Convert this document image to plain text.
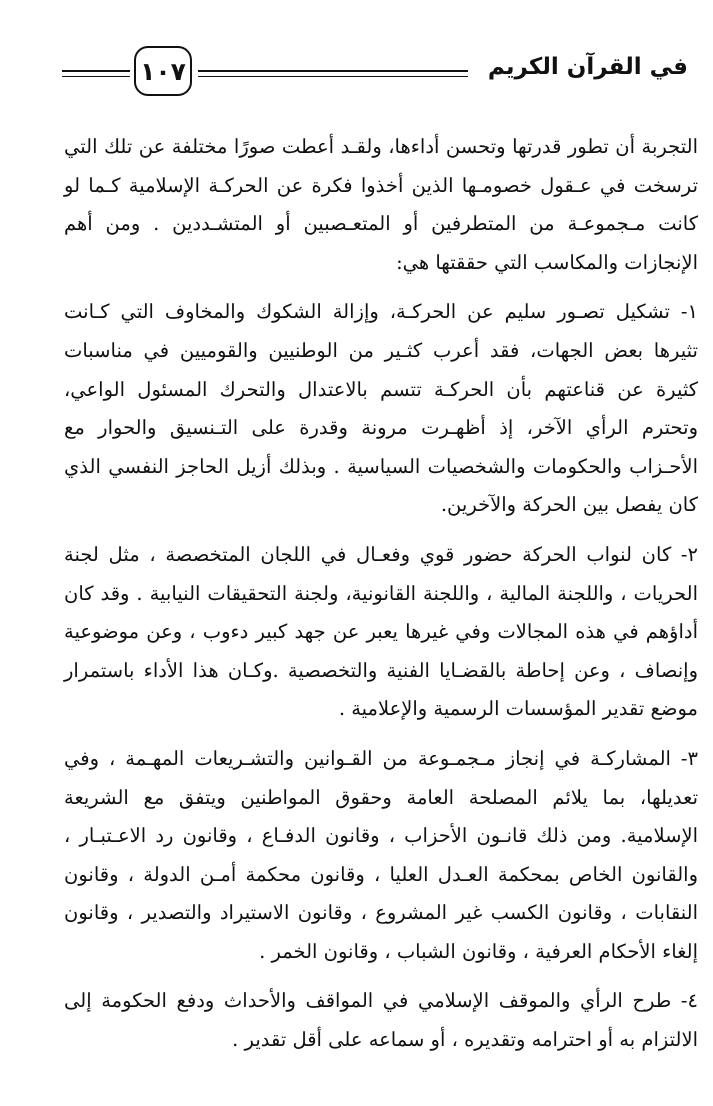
١٠٧	في القرآن الكريم

التجربة أن تطور قدرتها وتحسن أداءها، ولقـد أعطت صورًا مختلفة عن تلك التي ترسخت في عـقول خصومـها الذين أخذوا فكرة عن الحركـة الإسلامية كـما لو كانت مـجموعـة من المتطرفين أو المتعـصبين أو المتشـددين . ومن أهم الإنجازات والمكاسب التي حققتها هي:

١- تشكيل تصـور سليم عن الحركـة، وإزالة الشكوك والمخاوف التي كـانت تثيرها بعض الجهات، فقد أعرب كثـير من الوطنيين والقوميين في مناسبات كثيرة عن قناعتهم بأن الحركـة تتسم بالاعتدال والتحرك المسئول الواعي، وتحترم الرأي الآخر، إذ أظهـرت مرونة وقدرة على التـنسيق والحوار مع الأحـزاب والحكومات والشخصيات السياسية . وبذلك أزيل الحاجز النفسي الذي كان يفصل بين الحركة والآخرين.

٢- كان لنواب الحركة حضور قوي وفعـال في اللجان المتخصصة ، مثل لجنة الحريات ، واللجنة المالية ، واللجنة القانونية، ولجنة التحقيقات النيابية . وقد كان أداؤهم في هذه المجالات وفي غيرها يعبر عن جهد كبير دءوب ، وعن موضوعية وإنصاف ، وعن إحاطة بالقضـايا الفنية والتخصصية .وكـان هذا الأداء باستمرار موضع تقدير المؤسسات الرسمية والإعلامية .

٣- المشاركـة في إنجاز مـجمـوعة من القـوانين والتشـريعات المهـمة ، وفي تعديلها، بما يلائم المصلحة العامة وحقوق المواطنين ويتفق مع الشريعة الإسلامية. ومن ذلك قانـون الأحزاب ، وقانون الدفـاع ، وقانون رد الاعـتبـار ، والقانون الخاص بمحكمة العـدل العليا ، وقانون محكمة أمـن الدولة ، وقانون النقابات ، وقانون الكسب غير المشروع ، وقانون الاستيراد والتصدير ، وقانون إلغاء الأحكام العرفية ، وقانون الشباب ، وقانون الخمر .

٤- طرح الرأي والموقف الإسلامي في المواقف والأحداث ودفع الحكومة إلى الالتزام به أو احترامه وتقديره ، أو سماعه على أقل تقدير .
